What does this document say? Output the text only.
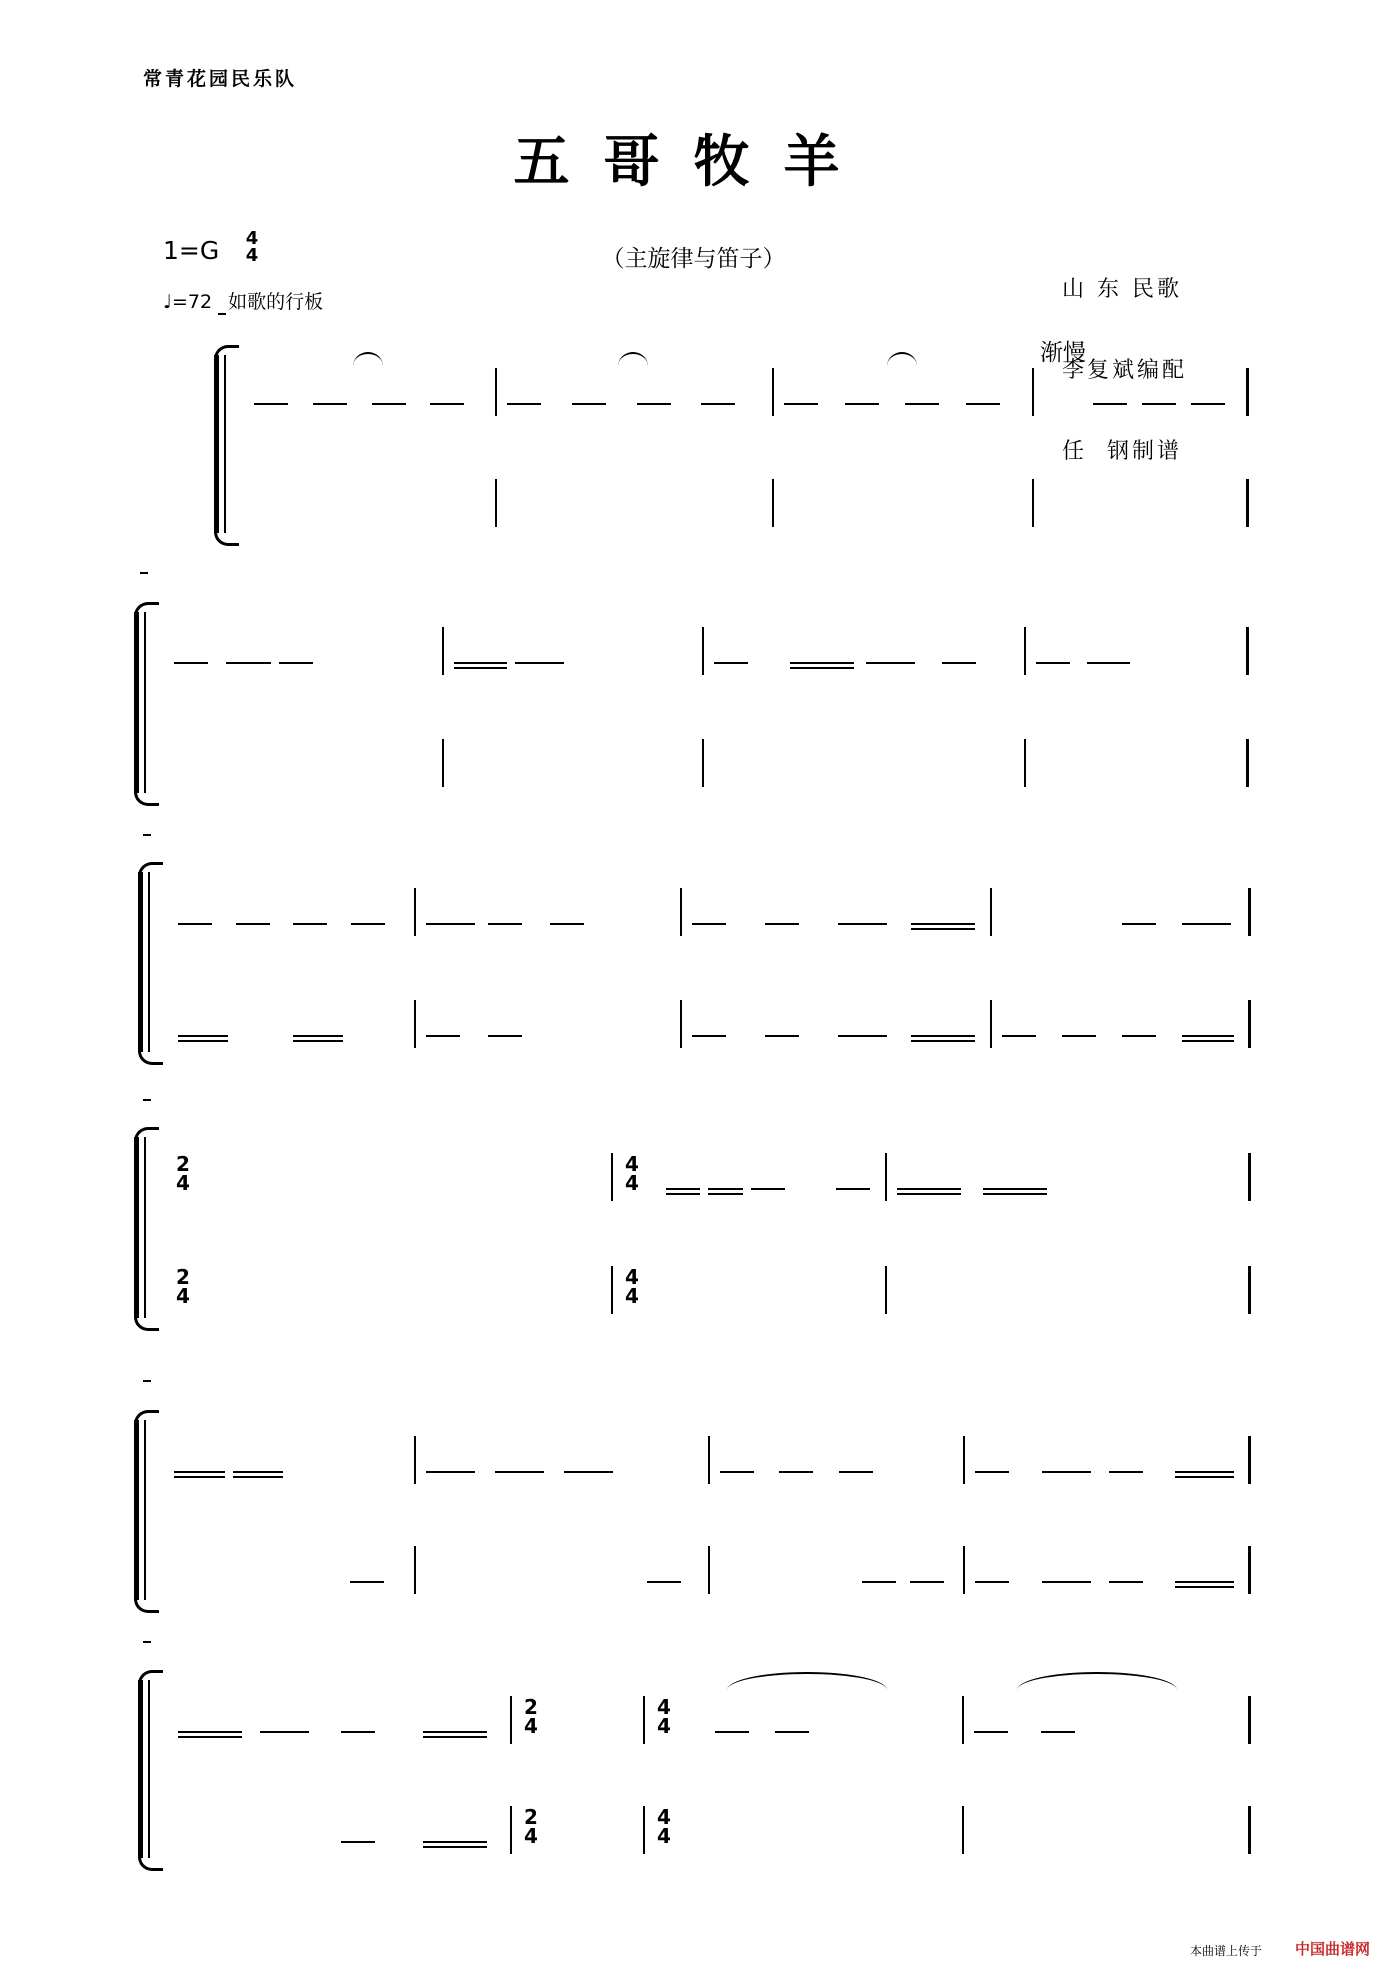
常青花园民乐队
五哥牧羊
1=G 4
4
♩=72 如歌的行板
（主旋律与笛子）

山 东 民歌

李复斌编配

任  钢制谱

渐慢
2
4
4
4
2
4
4
4
2
4
4
4
2
4
4
4
本曲谱上传于 中国曲谱网
